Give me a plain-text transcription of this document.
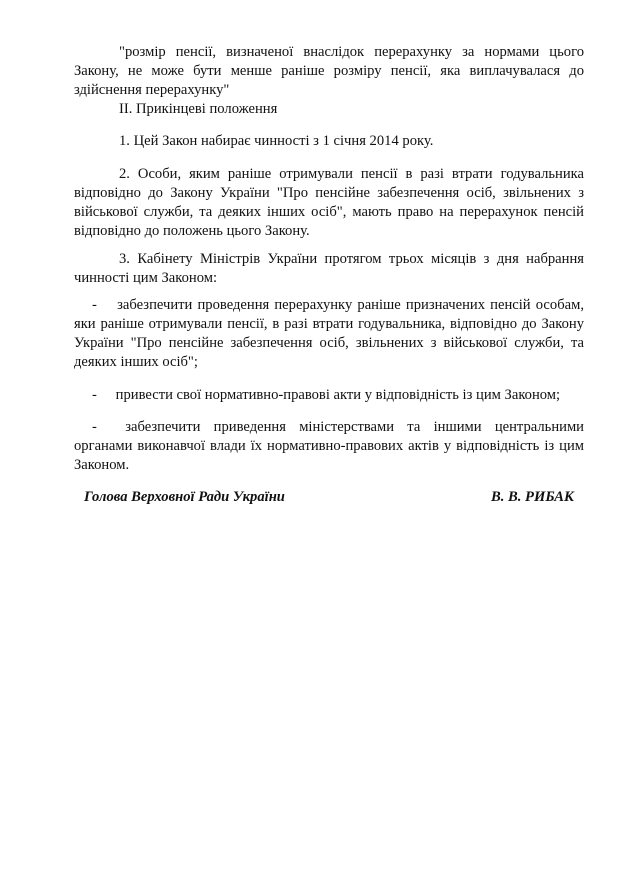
"розмір пенсії, визначеної внаслідок перерахунку за нормами цього Закону, не може бути менше раніше розміру пенсії, яка виплачувалася до здійснення перерахунку"
ІІ. Прикінцеві положення
1. Цей Закон набирає чинності з 1 січня 2014 року.
2. Особи, яким раніше отримували пенсії в разі втрати годувальника відповідно до Закону України "Про пенсійне забезпечення осіб, звільнених з військової служби, та деяких інших осіб", мають право на перерахунок пенсій відповідно до положень цього Закону.
3. Кабінету Міністрів України протягом трьох місяців з дня набрання чинності цим Законом:
- забезпечити проведення перерахунку раніше призначених пенсій особам, яки раніше отримували пенсії, в разі втрати годувальника, відповідно до Закону України "Про пенсійне забезпечення осіб, звільнених з військової служби, та деяких інших осіб";
- привести свої нормативно-правові акти у відповідність із цим Законом;
- забезпечити приведення міністерствами та іншими центральними органами виконавчої влади їх нормативно-правових актів у відповідність із цим Законом.
Голова Верховної Ради України	В. В. РИБАК
